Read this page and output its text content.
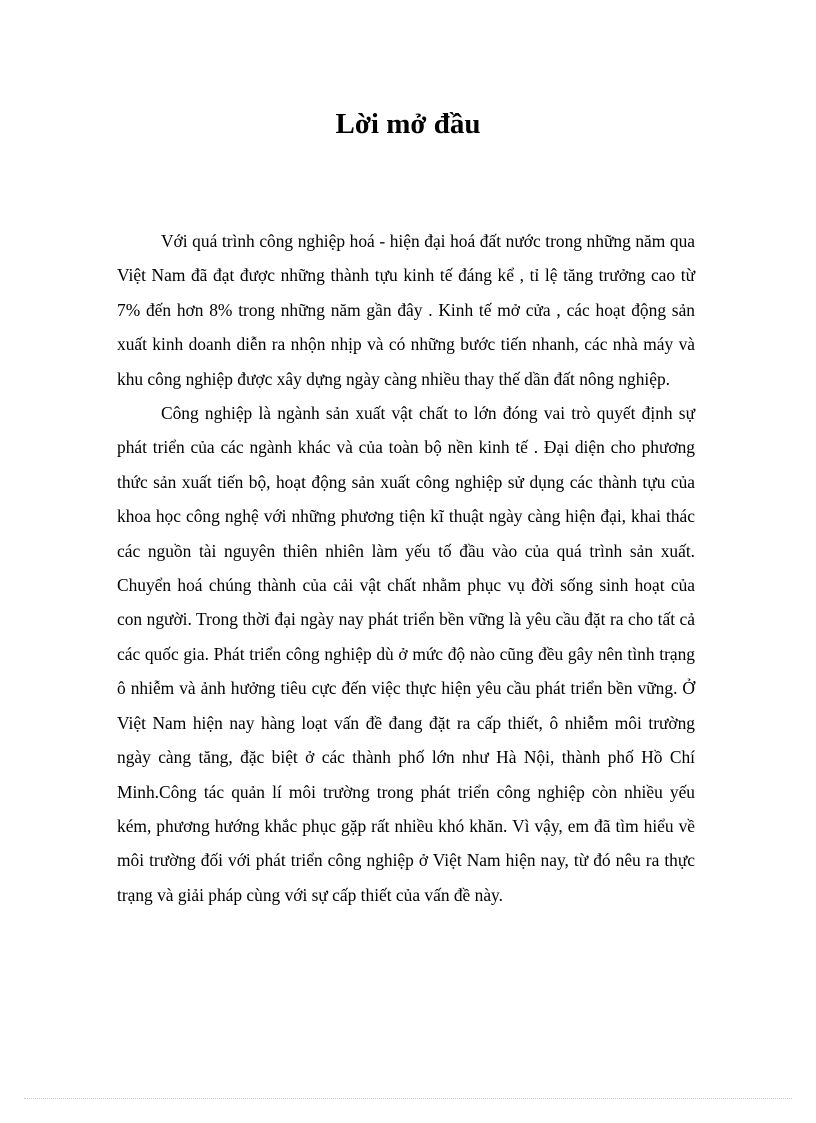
Lời mở đầu

Với quá trình công nghiệp hoá - hiện đại hoá đất nước trong những năm qua Việt Nam đã đạt được những thành tựu kinh tế đáng kể , tỉ lệ tăng trưởng cao từ 7% đến hơn 8% trong những năm gần đây . Kinh tế mở cửa , các hoạt động sản xuất kinh doanh diễn ra nhộn nhịp và có những bước tiến nhanh, các nhà máy và khu công nghiệp được xây dựng ngày càng nhiều thay thế dần đất nông nghiệp.

Công nghiệp là ngành sản xuất vật chất to lớn đóng vai trò quyết định sự phát triển của các ngành khác và của toàn bộ nền kinh tế . Đại diện cho phương thức sản xuất tiến bộ, hoạt động sản xuất công nghiệp sử dụng các thành tựu của khoa học công nghệ với những phương tiện kĩ thuật ngày càng hiện đại, khai thác các nguồn tài nguyên thiên nhiên làm yếu tố đầu vào của quá trình sản xuất. Chuyển hoá chúng thành của cải vật chất nhằm phục vụ đời sống sinh hoạt của con người. Trong thời đại ngày nay phát triển bền vững là yêu cầu đặt ra cho tất cả các quốc gia. Phát triển công nghiệp dù ở mức độ nào cũng đều gây nên tình trạng ô nhiễm và ảnh hưởng tiêu cực đến việc thực hiện yêu cầu phát triển bền vững. Ở Việt Nam hiện nay hàng loạt vấn đề đang đặt ra cấp thiết, ô nhiễm môi trường ngày càng tăng, đặc biệt ở các thành phố lớn như Hà Nội, thành phố Hồ Chí Minh.Công tác quản lí môi trường trong phát triển công nghiệp còn nhiều yếu kém, phương hướng khắc phục gặp rất nhiều khó khăn. Vì vậy, em đã tìm hiểu về môi trường đối với phát triển công nghiệp ở Việt Nam hiện nay, từ đó nêu ra thực trạng và giải pháp cùng với sự cấp thiết của vấn đề này.
